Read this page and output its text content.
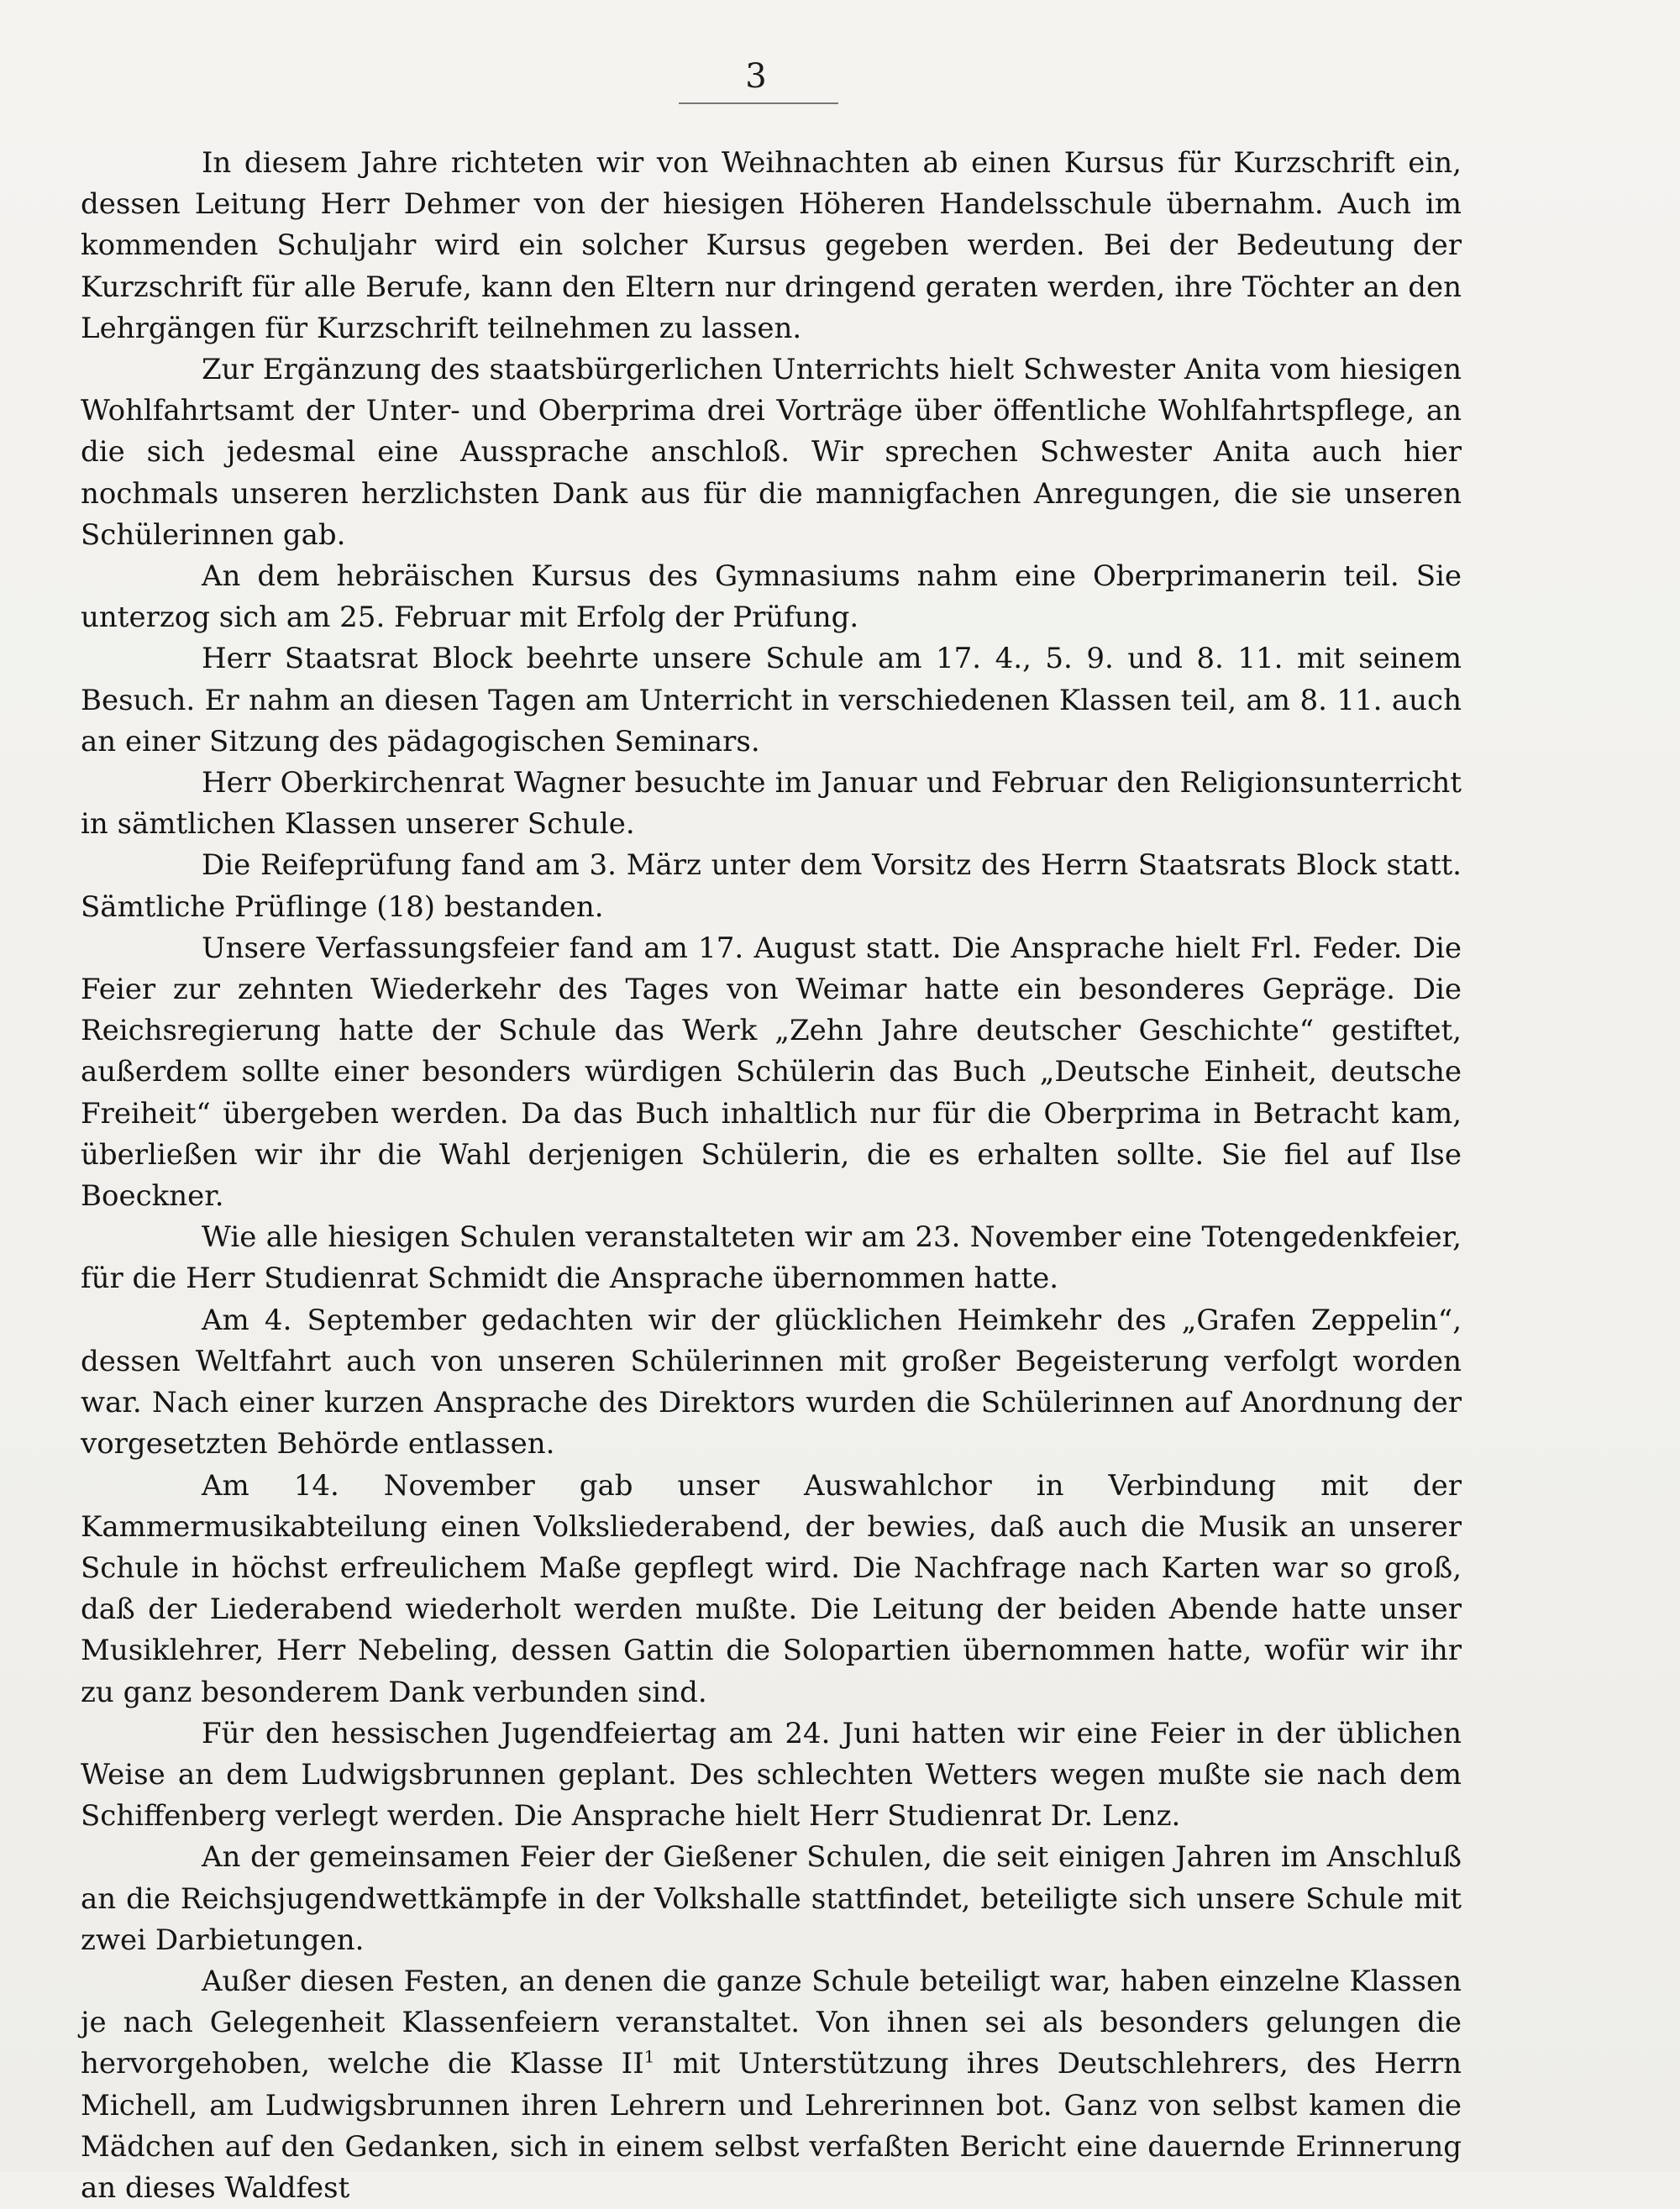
3

In diesem Jahre richteten wir von Weihnachten ab einen Kursus für Kurzschrift ein, dessen Leitung Herr Dehmer von der hiesigen Höheren Handelsschule übernahm. Auch im kommenden Schuljahr wird ein solcher Kursus gegeben werden. Bei der Bedeutung der Kurzschrift für alle Berufe, kann den Eltern nur dringend geraten werden, ihre Töchter an den Lehrgängen für Kurzschrift teilnehmen zu lassen.

Zur Ergänzung des staatsbürgerlichen Unterrichts hielt Schwester Anita vom hiesigen Wohlfahrtsamt der Unter- und Oberprima drei Vorträge über öffentliche Wohlfahrtspflege, an die sich jedesmal eine Aussprache anschloß. Wir sprechen Schwester Anita auch hier nochmals unseren herzlichsten Dank aus für die mannigfachen Anregungen, die sie unseren Schülerinnen gab.

An dem hebräischen Kursus des Gymnasiums nahm eine Oberprimanerin teil. Sie unterzog sich am 25. Februar mit Erfolg der Prüfung.

Herr Staatsrat Block beehrte unsere Schule am 17. 4., 5. 9. und 8. 11. mit seinem Besuch. Er nahm an diesen Tagen am Unterricht in verschiedenen Klassen teil, am 8. 11. auch an einer Sitzung des pädagogischen Seminars.

Herr Oberkirchenrat Wagner besuchte im Januar und Februar den Religionsunterricht in sämtlichen Klassen unserer Schule.

Die Reifeprüfung fand am 3. März unter dem Vorsitz des Herrn Staatsrats Block statt. Sämtliche Prüflinge (18) bestanden.

Unsere Verfassungsfeier fand am 17. August statt. Die Ansprache hielt Frl. Feder. Die Feier zur zehnten Wiederkehr des Tages von Weimar hatte ein besonderes Gepräge. Die Reichsregierung hatte der Schule das Werk „Zehn Jahre deutscher Geschichte“ gestiftet, außerdem sollte einer besonders würdigen Schülerin das Buch „Deutsche Einheit, deutsche Freiheit“ übergeben werden. Da das Buch inhaltlich nur für die Oberprima in Betracht kam, überließen wir ihr die Wahl derjenigen Schülerin, die es erhalten sollte. Sie fiel auf Ilse Boeckner.

Wie alle hiesigen Schulen veranstalteten wir am 23. November eine Totengedenkfeier, für die Herr Studienrat Schmidt die Ansprache übernommen hatte.

Am 4. September gedachten wir der glücklichen Heimkehr des „Grafen Zeppelin“, dessen Weltfahrt auch von unseren Schülerinnen mit großer Begeisterung verfolgt worden war. Nach einer kurzen Ansprache des Direktors wurden die Schülerinnen auf Anordnung der vorgesetzten Behörde entlassen.

Am 14. November gab unser Auswahlchor in Verbindung mit der Kammermusikabteilung einen Volksliederabend, der bewies, daß auch die Musik an unserer Schule in höchst erfreulichem Maße gepflegt wird. Die Nachfrage nach Karten war so groß, daß der Liederabend wiederholt werden mußte. Die Leitung der beiden Abende hatte unser Musiklehrer, Herr Nebeling, dessen Gattin die Solopartien übernommen hatte, wofür wir ihr zu ganz besonderem Dank verbunden sind.

Für den hessischen Jugendfeiertag am 24. Juni hatten wir eine Feier in der üblichen Weise an dem Ludwigsbrunnen geplant. Des schlechten Wetters wegen mußte sie nach dem Schiffenberg verlegt werden. Die Ansprache hielt Herr Studienrat Dr. Lenz.

An der gemeinsamen Feier der Gießener Schulen, die seit einigen Jahren im Anschluß an die Reichsjugendwettkämpfe in der Volkshalle stattfindet, beteiligte sich unsere Schule mit zwei Darbietungen.

Außer diesen Festen, an denen die ganze Schule beteiligt war, haben einzelne Klassen je nach Gelegenheit Klassenfeiern veranstaltet. Von ihnen sei als besonders gelungen die hervorgehoben, welche die Klasse $II^1$ mit Unterstützung ihres Deutschlehrers, des Herrn Michell, am Ludwigsbrunnen ihren Lehrern und Lehrerinnen bot. Ganz von selbst kamen die Mädchen auf den Gedanken, sich in einem selbst verfaßten Bericht eine dauernde Erinnerung an dieses Waldfest
